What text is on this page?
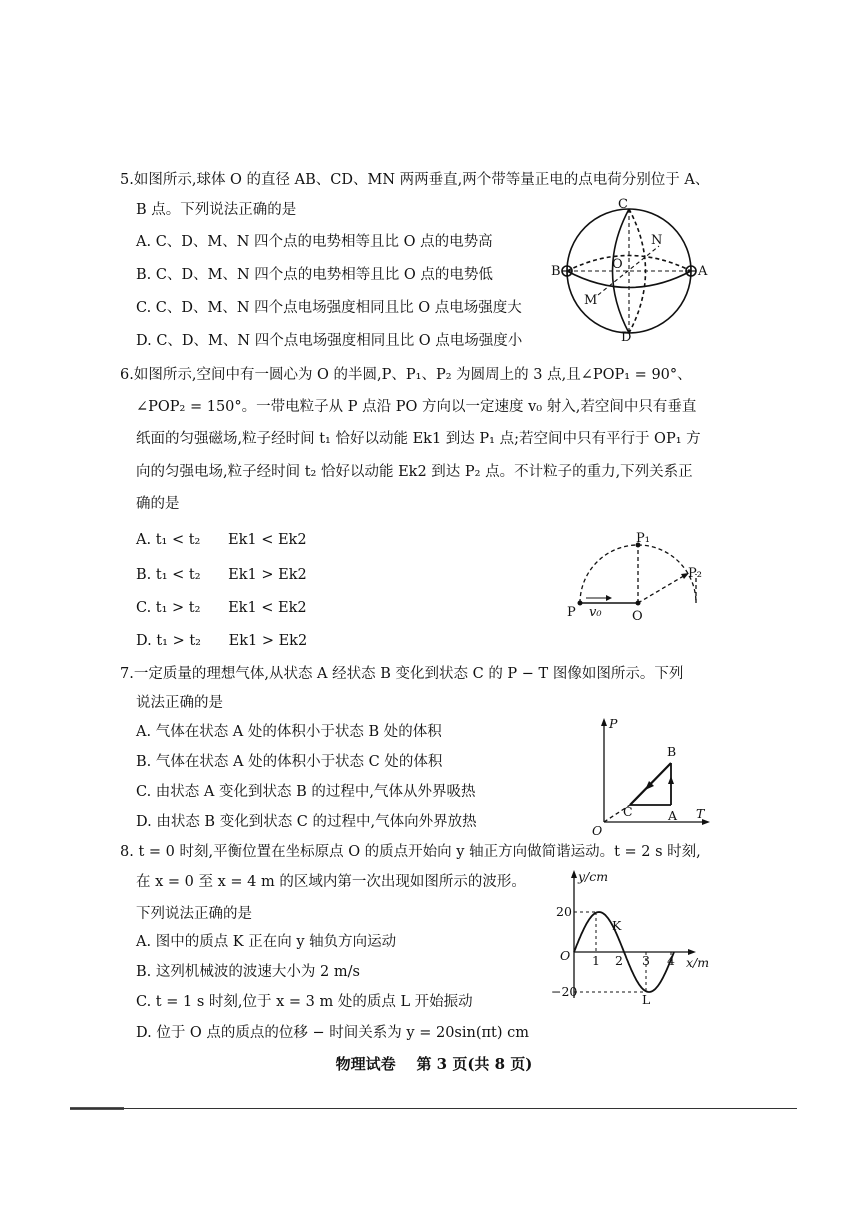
5.如图所示,球体 O 的直径 AB、CD、MN 两两垂直,两个带等量正电的点电荷分别位于 A、
B 点。下列说法正确的是
A. C、D、M、N 四个点的电势相等且比 O 点的电势高
B. C、D、M、N 四个点的电势相等且比 O 点的电势低
C. C、D、M、N 四个点电场强度相同且比 O 点电场强度大
D. C、D、M、N 四个点电场强度相同且比 O 点电场强度小
C
D
B	A
O
M
N
6.如图所示,空间中有一圆心为 O 的半圆,P、P₁、P₂ 为圆周上的 3 点,且∠POP₁ = 90°、
∠POP₂ = 150°。一带电粒子从 P 点沿 PO 方向以一定速度 v₀ 射入,若空间中只有垂直
纸面的匀强磁场,粒子经时间 t₁ 恰好以动能 Ek1 到达 P₁ 点;若空间中只有平行于 OP₁ 方
向的匀强电场,粒子经时间 t₂ 恰好以动能 Ek2 到达 P₂ 点。不计粒子的重力,下列关系正
确的是
A. t₁ < t₂      Ek1 < Ek2
B. t₁ < t₂      Ek1 > Ek2
C. t₁ > t₂      Ek1 < Ek2
D. t₁ > t₂      Ek1 > Ek2
P₁
P₂
P v₀ O
7.一定质量的理想气体,从状态 A 经状态 B 变化到状态 C 的 P − T 图像如图所示。下列
说法正确的是
A. 气体在状态 A 处的体积小于状态 B 处的体积
B. 气体在状态 A 处的体积小于状态 C 处的体积
C. 由状态 A 变化到状态 B 的过程中,气体从外界吸热
D. 由状态 B 变化到状态 C 的过程中,气体向外界放热
P
T
O
B
A
C
8. t = 0 时刻,平衡位置在坐标原点 O 的质点开始向 y 轴正方向做简谐运动。t = 2 s 时刻,
在 x = 0 至 x = 4 m 的区域内第一次出现如图所示的波形。
下列说法正确的是
A. 图中的质点 K 正在向 y 轴负方向运动
B. 这列机械波的波速大小为 2 m/s
C. t = 1 s 时刻,位于 x = 3 m 处的质点 L 开始振动
D. 位于 O 点的质点的位移 − 时间关系为 y = 20sin(πt) cm
y/cm
x/m
O
20
−20
1 2 3 4
K
L
物理试卷    第 3 页(共 8 页)
